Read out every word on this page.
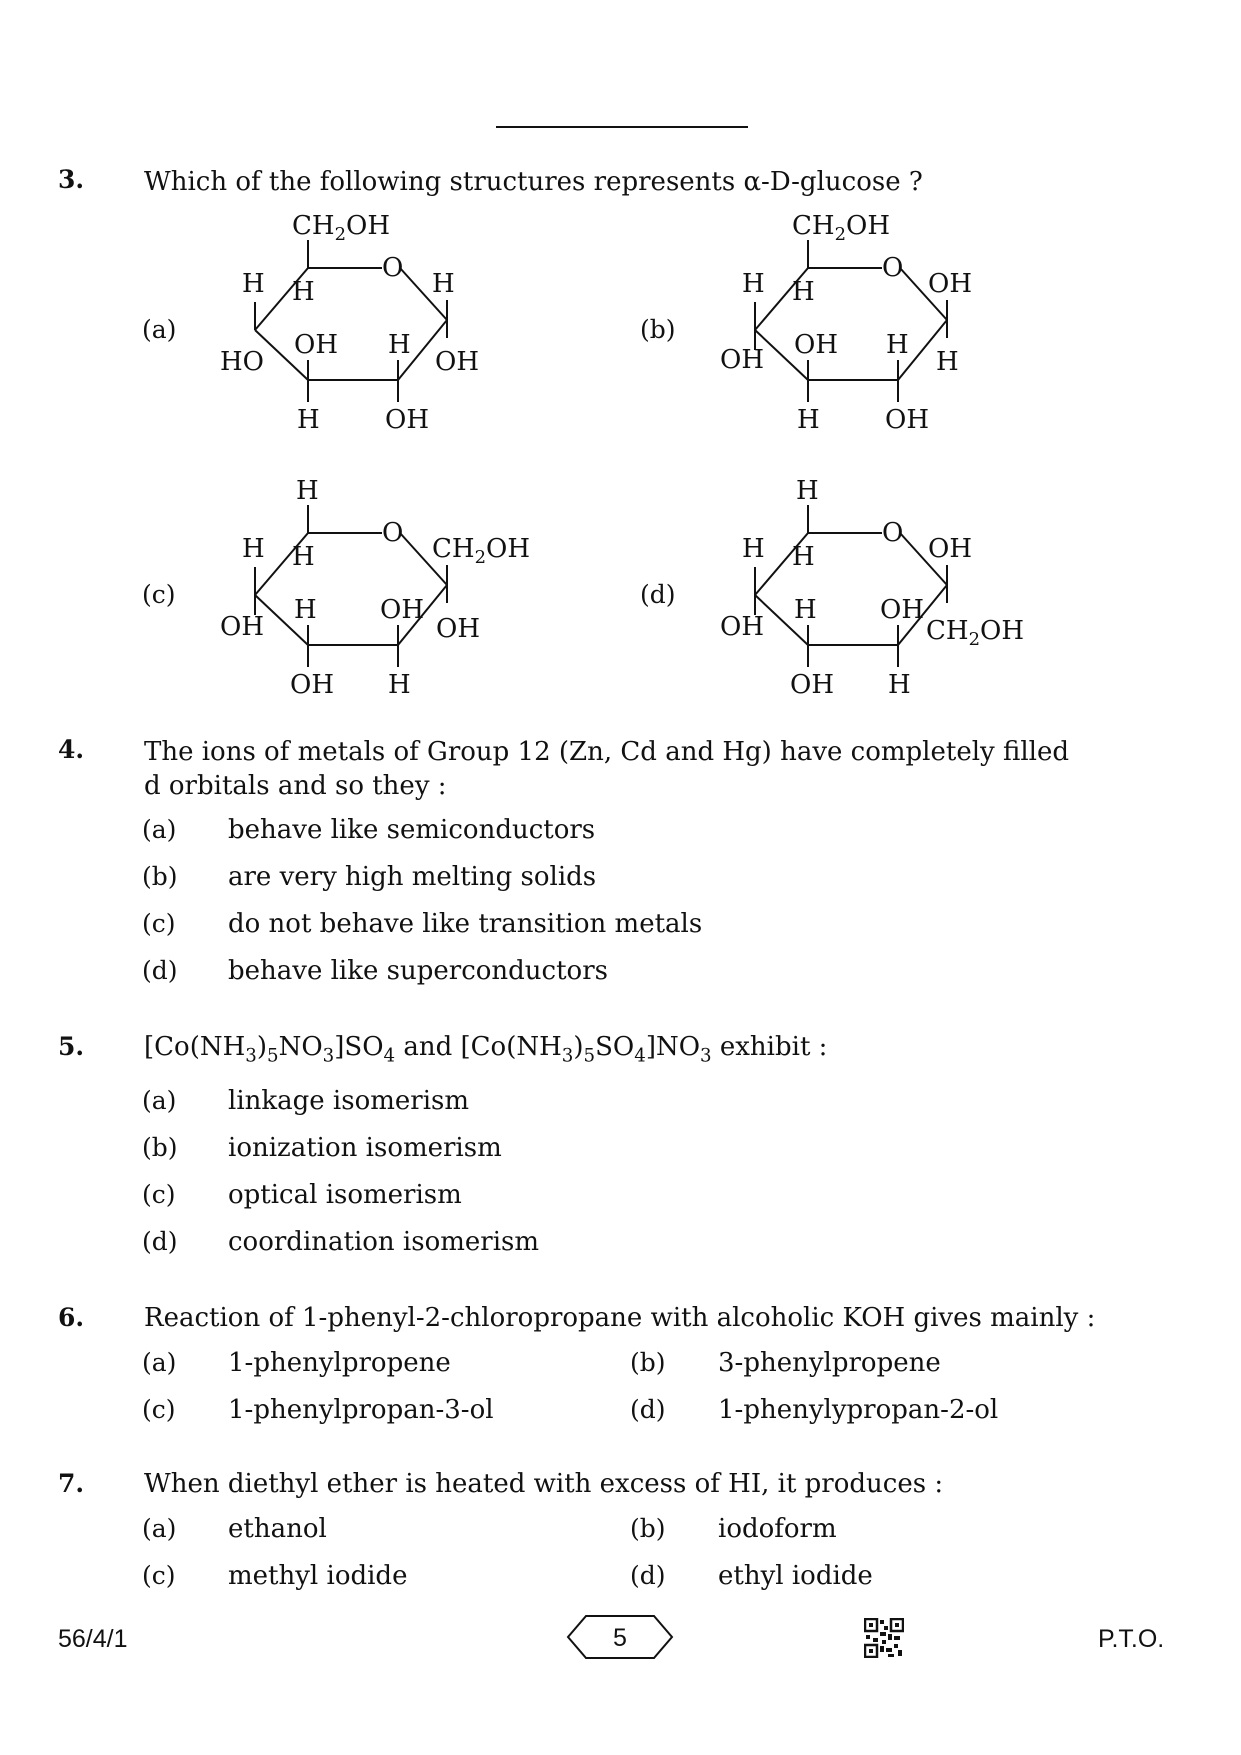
3. Which of the following structures represents α-D-glucose ?
(a)
$CH_2OH$
O
H
H
H
HO
OH H
OH
H	OH
(b)
$CH_2OH$
O
OH
H
H
OH OH H
H
H	OH
(c)
H
O
$CH_2OH$
H
H
OH
H OH
OH
OH H
(d)
H
O
OH
H
H
OH
H OH
$CH_2OH$
OH H
4. The ions of metals of Group 12 (Zn, Cd and Hg) have completely filled
d orbitals and so they :
(a) behave like semiconductors
(b) are very high melting solids
(c) do not behave like transition metals
(d) behave like superconductors
5. $[Co(NH_3)_5NO_3]SO_4$ and $[Co(NH_3)_5SO_4]NO_3$ exhibit :
(a) linkage isomerism
(b) ionization isomerism
(c) optical isomerism
(d) coordination isomerism
6. Reaction of 1-phenyl-2-chloropropane with alcoholic KOH gives mainly :
(a) 1-phenylpropene	(b) 3-phenylpropene
(c) 1-phenylpropan-3-ol	(d) 1-phenylypropan-2-ol
7. When diethyl ether is heated with excess of HI, it produces :
(a) ethanol	(b) iodoform
(c) methyl iodide	(d) ethyl iodide
56/4/1	5	P.T.O.
